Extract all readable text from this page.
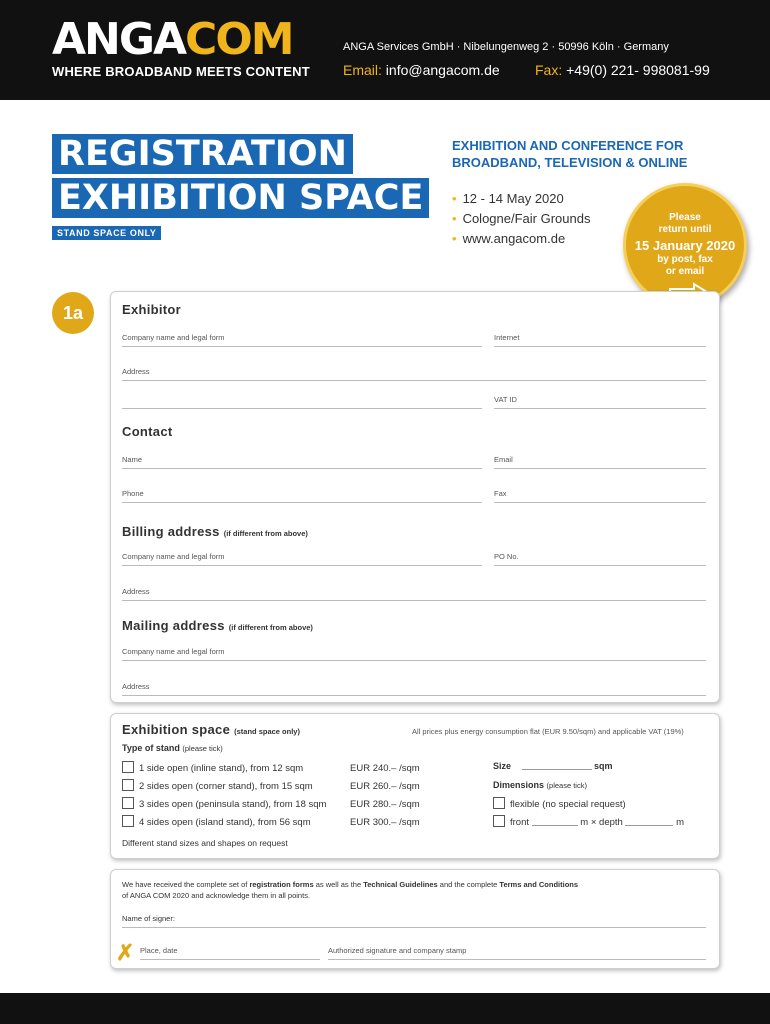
ANGACOM
WHERE BROADBAND MEETS CONTENT
ANGA Services GmbH · Nibelungenweg 2 · 50996 Köln · Germany
Email: info@angacom.de	Fax: +49(0) 221- 998081-99
REGISTRATION
EXHIBITION SPACE
STAND SPACE ONLY
EXHIBITION AND CONFERENCE FOR
BROADBAND, TELEVISION & ONLINE
• 12 - 14 May 2020
• Cologne/Fair Grounds
• www.angacom.de
Please
return until
15 January 2020
by post, fax
or email
1a	Exhibitor
Company name and legal form	Internet
Address
VAT ID
Contact
Name	Email
Phone	Fax
Billing address (if different from above)
Company name and legal form	PO No.
Address
Mailing address (if different from above)
Company name and legal form
Address
Exhibition space (stand space only)	All prices plus energy consumption flat (EUR 9.50/sqm) and applicable VAT (19%)
Type of stand (please tick)
1 side open (inline stand), from 12 sqm	EUR 240.– /sqm
2 sides open (corner stand), from 15 sqm	EUR 260.– /sqm
3 sides open (peninsula stand), from 18 sqm EUR 280.– /sqm
4 sides open (island stand), from 56 sqm	EUR 300.– /sqm
Size	sqm
Dimensions (please tick)
flexible (no special request)
front	m × depth	m
Different stand sizes and shapes on request
We have received the complete set of registration forms as well as the Technical Guidelines and the complete Terms and Conditions
of ANGA COM 2020 and acknowledge them in all points.
Name of signer:
✗ Place, date	Authorized signature and company stamp
